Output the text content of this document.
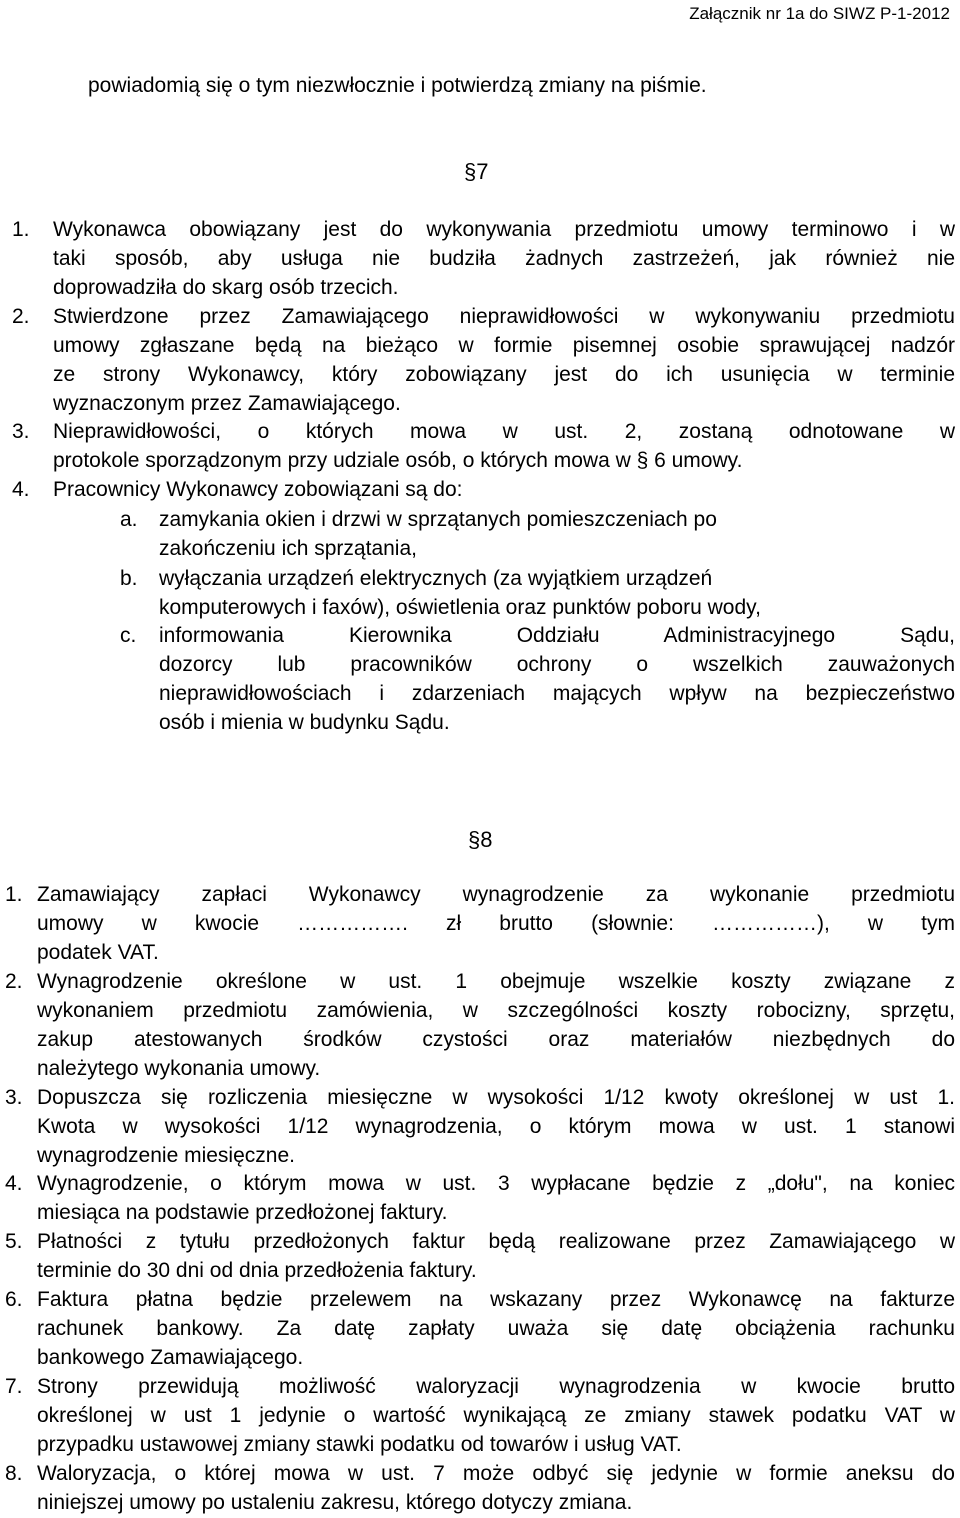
Załącznik nr 1a do SIWZ P-1-2012
powiadomią się o tym niezwłocznie i potwierdzą zmiany na piśmie.
§7
1. Wykonawca obowiązany jest do wykonywania przedmiotu umowy terminowo i w
taki sposób, aby usługa nie budziła żadnych zastrzeżeń, jak również nie
doprowadziła do skarg osób trzecich.
2. Stwierdzone przez Zamawiającego nieprawidłowości w wykonywaniu przedmiotu
umowy zgłaszane będą na bieżąco w formie pisemnej osobie sprawującej nadzór
ze strony Wykonawcy, który zobowiązany jest do ich usunięcia w terminie
wyznaczonym przez Zamawiającego.
3. Nieprawidłowości, o których mowa w ust. 2, zostaną odnotowane w
protokole sporządzonym przy udziale osób, o których mowa w § 6 umowy.
4. Pracownicy Wykonawcy zobowiązani są do:
a. zamykania okien i drzwi w sprzątanych pomieszczeniach po
zakończeniu ich sprzątania,
b. wyłączania urządzeń elektrycznych (za wyjątkiem urządzeń
komputerowych i faxów), oświetlenia oraz punktów poboru wody,
c. informowania Kierownika Oddziału Administracyjnego Sądu,
dozorcy lub pracowników ochrony o wszelkich zauważonych
nieprawidłowościach i zdarzeniach mających wpływ na bezpieczeństwo
osób i mienia w budynku Sądu.
§8
1. Zamawiający zapłaci Wykonawcy wynagrodzenie za wykonanie przedmiotu
umowy w kwocie ……………. zł brutto (słownie: ……………), w tym
podatek VAT.
2. Wynagrodzenie określone w ust. 1 obejmuje wszelkie koszty związane z
wykonaniem przedmiotu zamówienia, w szczególności koszty robocizny, sprzętu,
zakup atestowanych środków czystości oraz materiałów niezbędnych do
należytego wykonania umowy.
3. Dopuszcza się rozliczenia miesięczne w wysokości 1/12 kwoty określonej w ust 1.
Kwota w wysokości 1/12 wynagrodzenia, o którym mowa w ust. 1 stanowi
wynagrodzenie miesięczne.
4. Wynagrodzenie, o którym mowa w ust. 3 wypłacane będzie z „dołu", na koniec
miesiąca na podstawie przedłożonej faktury.
5. Płatności z tytułu przedłożonych faktur będą realizowane przez Zamawiającego w
terminie do 30 dni od dnia przedłożenia faktury.
6. Faktura płatna będzie przelewem na wskazany przez Wykonawcę na fakturze
rachunek bankowy. Za datę zapłaty uważa się datę obciążenia rachunku
bankowego Zamawiającego.
7. Strony przewidują możliwość waloryzacji wynagrodzenia w kwocie brutto
określonej w ust 1 jedynie o wartość wynikającą ze zmiany stawek podatku VAT w
przypadku ustawowej zmiany stawki podatku od towarów i usług VAT.
8. Waloryzacja, o której mowa w ust. 7 może odbyć się jedynie w formie aneksu do
niniejszej umowy po ustaleniu zakresu, którego dotyczy zmiana.
